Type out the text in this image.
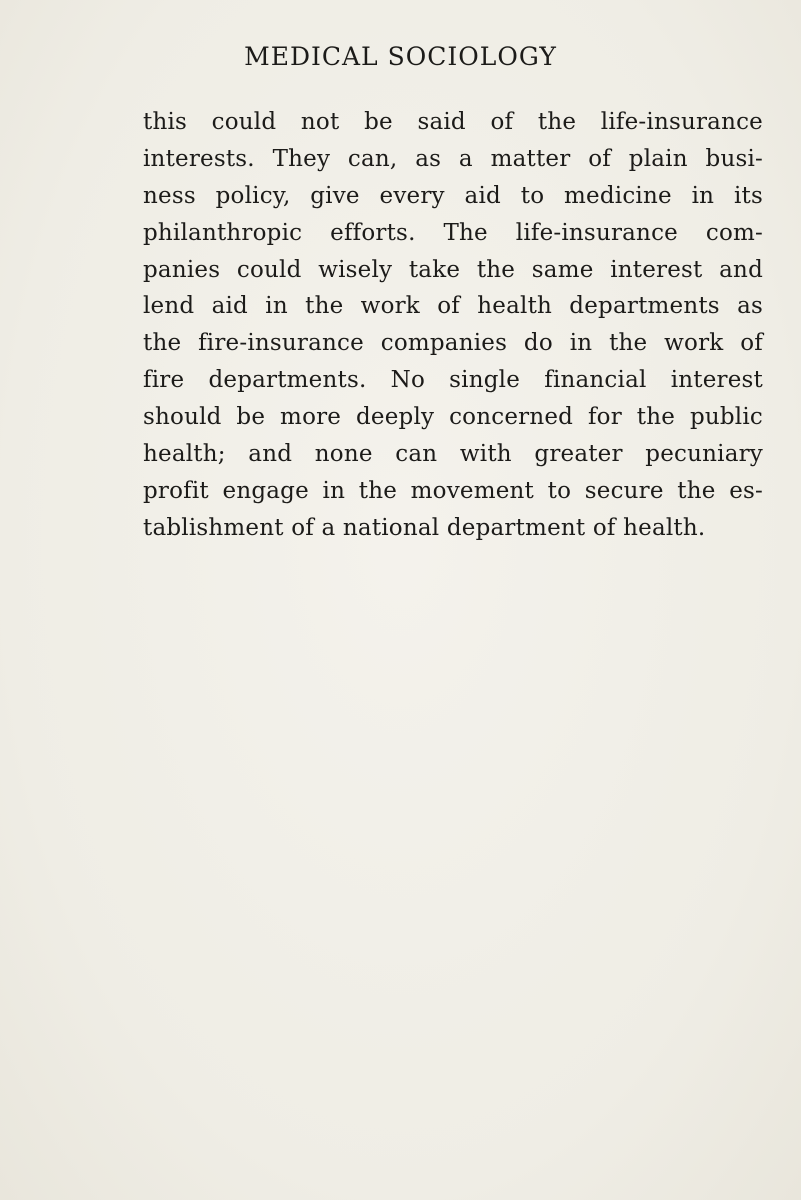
MEDICAL SOCIOLOGY
this could not be said of the life-insurance
interests. They can, as a matter of plain busi-
ness policy, give every aid to medicine in its
philanthropic efforts. The life-insurance com-
panies could wisely take the same interest and
lend aid in the work of health departments as
the fire-insurance companies do in the work of
fire departments. No single financial interest
should be more deeply concerned for the public
health; and none can with greater pecuniary
profit engage in the movement to secure the es-
tablishment of a national department of health.
